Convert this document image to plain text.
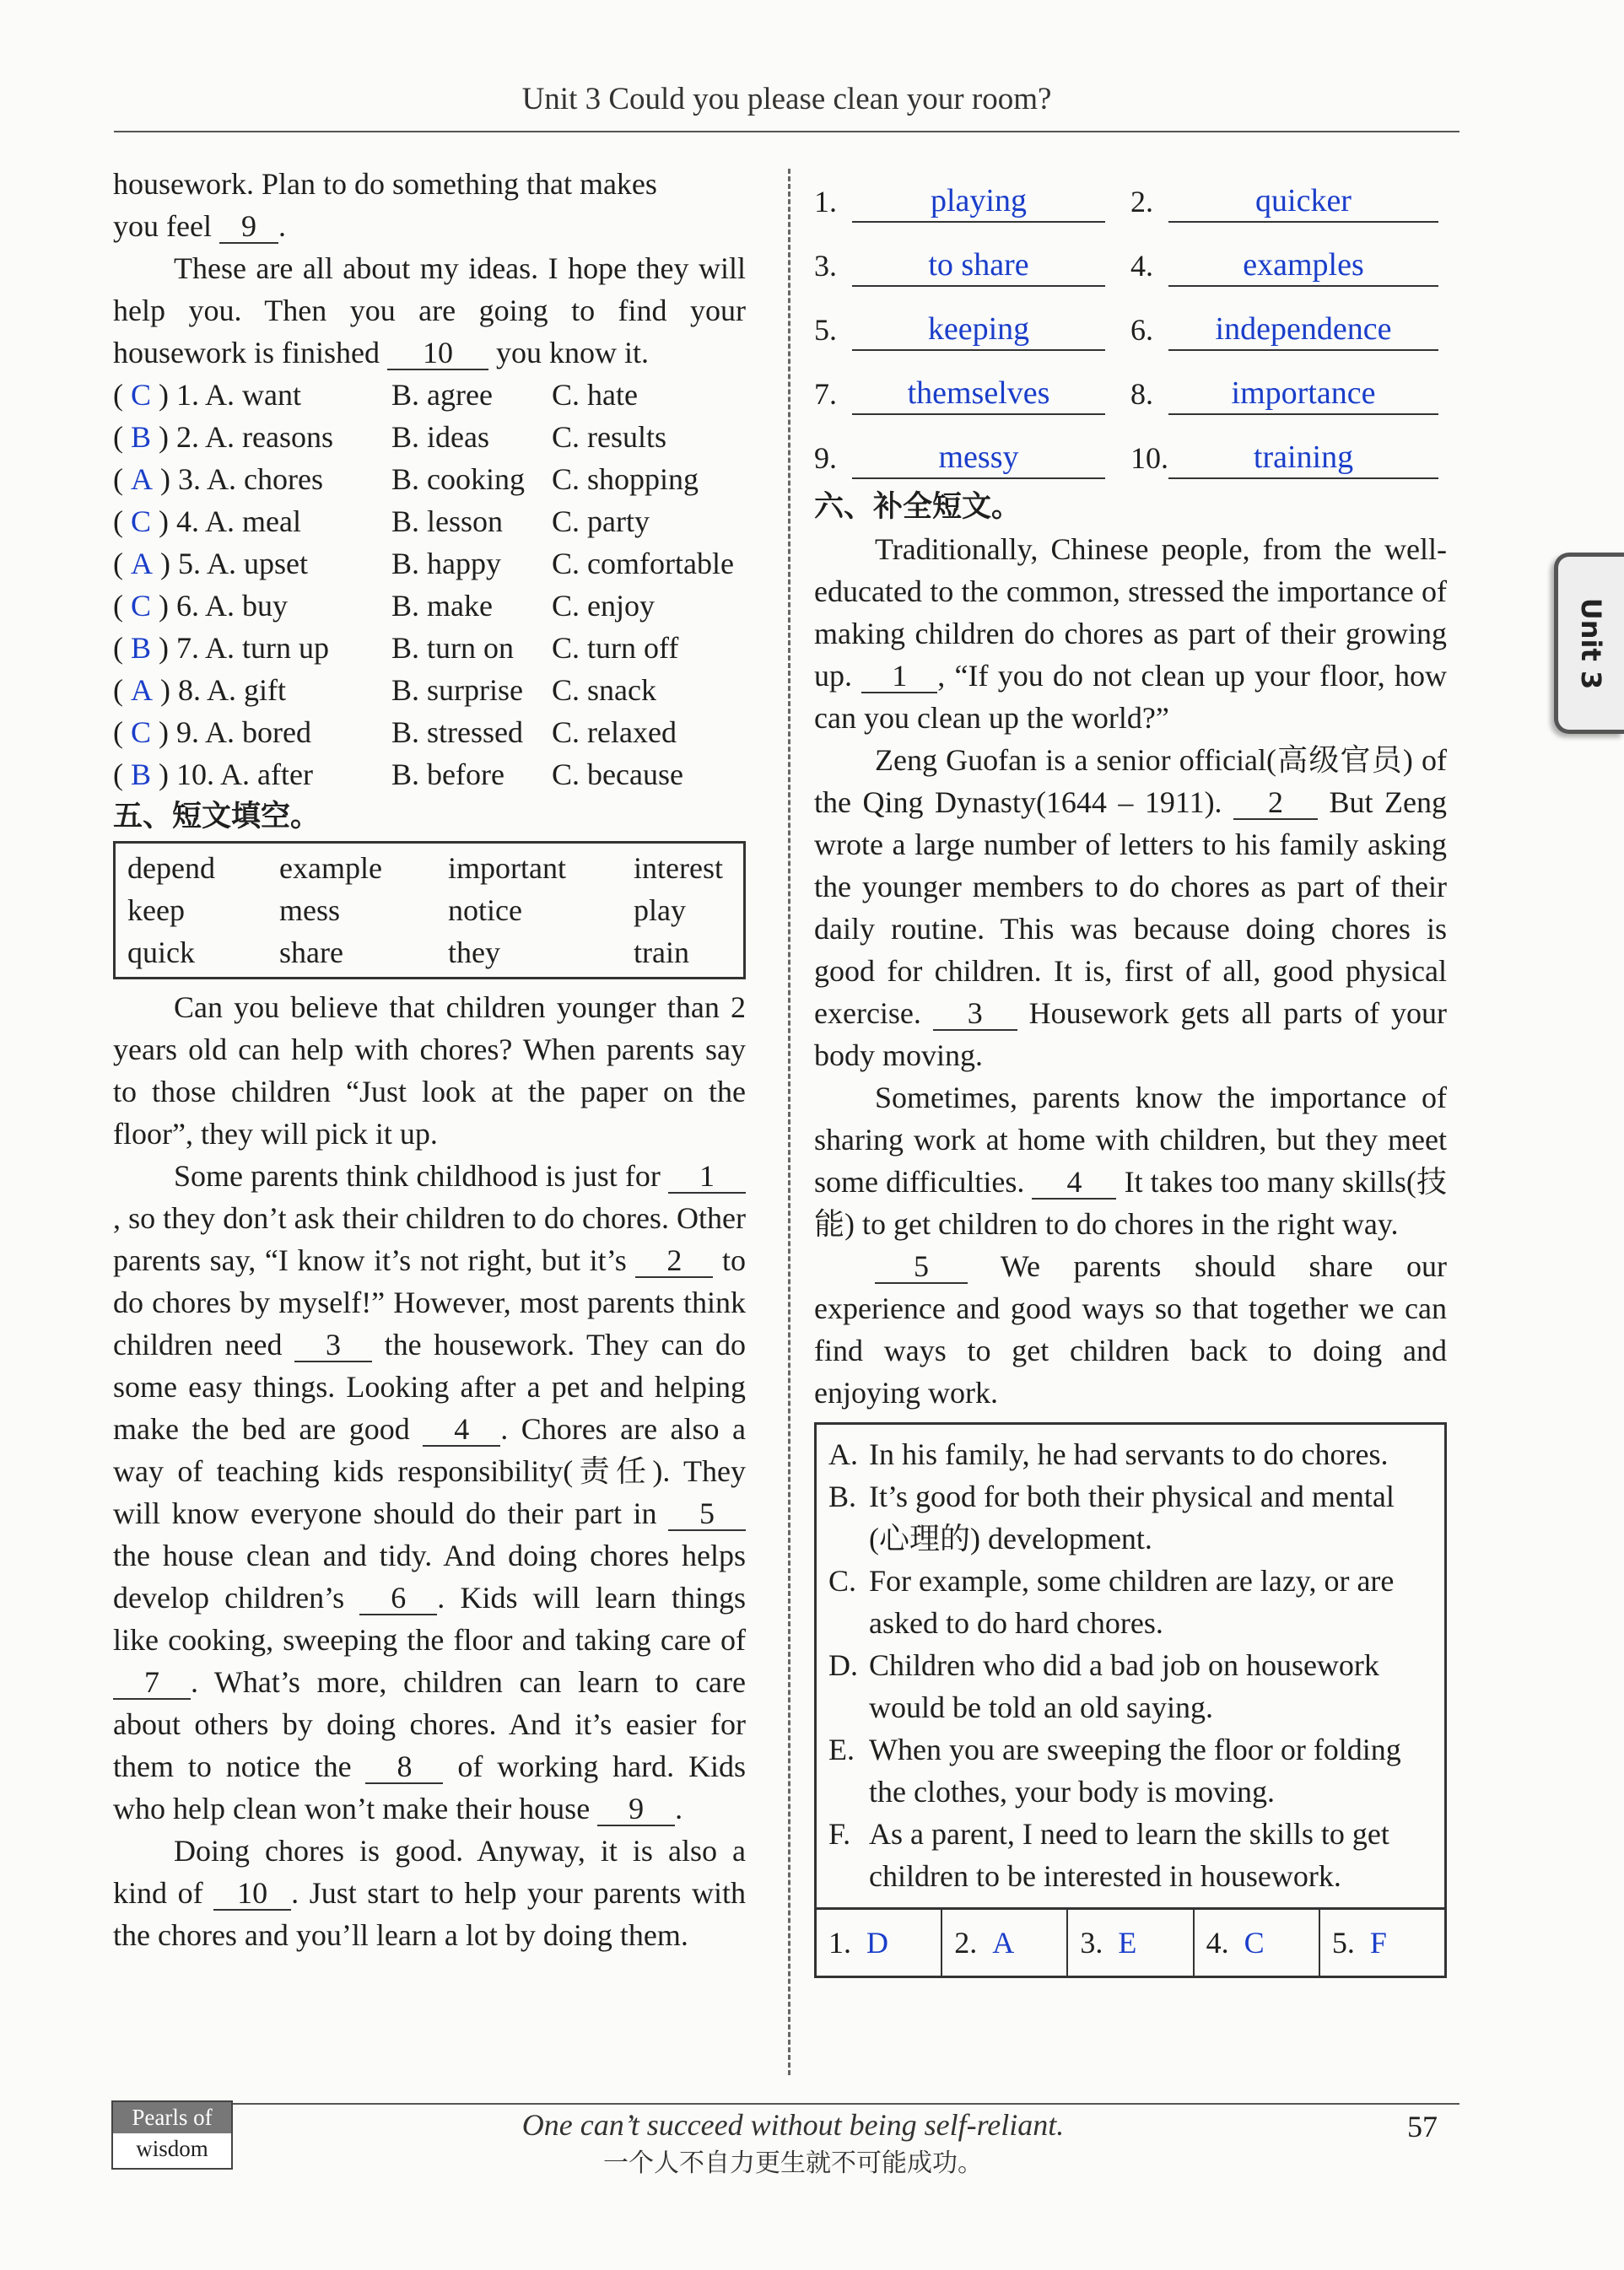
Unit 3 Could you please clean your room?

housework. Plan to do something that makes

you feel 9 .

These are all about my ideas. I hope they will help you. Then you are going to find your housework is finished 10 you know it.

( C ) 1. A. want	B. agree	C. hate
( B ) 2. A. reasons	B. ideas	C. results
( A ) 3. A. chores	B. cooking C. shopping
( C ) 4. A. meal	B. lesson	C. party
( A ) 5. A. upset	B. happy	C. comfortable
( C ) 6. A. buy	B. make	C. enjoy
( B ) 7. A. turn up	B. turn on	C. turn off
( A ) 8. A. gift	B. surprise C. snack
( C ) 9. A. bored	B. stressed C. relaxed
( B ) 10. A. after	B. before	C. because

五、短文填空。

depend	example	important	interest
keep	mess	notice	play
quick	share	they	train

Can you believe that children younger than 2 years old can help with chores? When parents say to those children “Just look at the paper on the floor”, they will pick it up.

Some parents think childhood is just for 1, so they don’t ask their children to do chores. Other parents say, “I know it’s not right, but it’s 2 to do chores by myself!” However, most parents think children need 3 the housework. They can do some easy things. Looking after a pet and helping make the bed are good 4 . Chores are also a way of teaching kids responsibility(责任). They will know everyone should do their part in 5 the house clean and tidy. And doing chores helps develop children’s 6 . Kids will learn things like cooking, sweeping the floor and taking care of 7 . What’s more, children can learn to care about others by doing chores. And it’s easier for them to notice the 8 of working hard. Kids who help clean won’t make their house 9 .

Doing chores is good. Anyway, it is also a kind of 10 . Just start to help your parents with the chores and you’ll learn a lot by doing them.

1.	playing	2.	quicker
3.	to share	4.	examples
5.	keeping	6.	independence
7.	themselves	8.	importance
9.	messy	10.	training

六、补全短文。

Traditionally, Chinese people, from the well-educated to the common, stressed the importance of making children do chores as part of their growing up. 1 , “If you do not clean up your floor, how can you clean up the world?”

Zeng Guofan is a senior official(高级官员) of the Qing Dynasty(1644 – 1911). 2 But Zeng wrote a large number of letters to his family asking the younger members to do chores as part of their daily routine. This was because doing chores is good for children. It is, first of all, good physical exercise. 3 Housework gets all parts of your body moving.

Sometimes, parents know the importance of sharing work at home with children, but they meet some difficulties. 4 It takes too many skills(技能) to get children to do chores in the right way.

5 We parents should share our experience and good ways so that together we can find ways to get children back to doing and enjoying work.

A. In his family, he had servants to do chores.
B. It’s good for both their physical and mental (心理的) development.
C. For example, some children are lazy, or are asked to do hard chores.
D. Children who did a bad job on housework would be told an old saying.
E. When you are sweeping the floor or folding the clothes, your body is moving.
F. As a parent, I need to learn the skills to get children to be interested in housework.
1. D 2. A 3. E 4. C 5. F
Unit 3
Pearls of
wisdom
One can’t succeed without being self-reliant.
一个人不自力更生就不可能成功。
57
